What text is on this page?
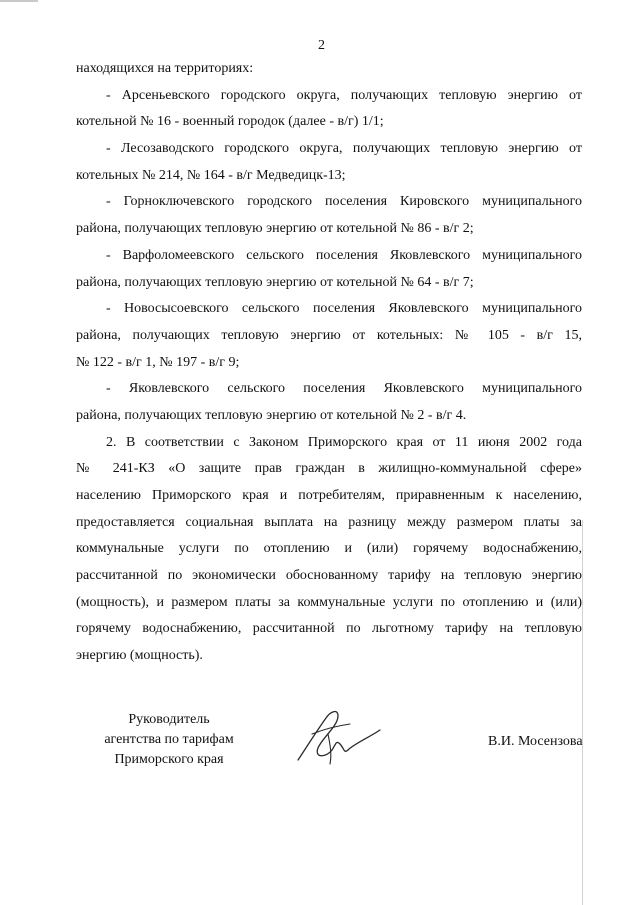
2
находящихся на территориях:
- Арсеньевского городского округа, получающих тепловую энергию от
котельной № 16 - военный городок (далее - в/г) 1/1;
- Лесозаводского городского округа, получающих тепловую энергию от
котельных № 214, № 164 - в/г Медведицк-13;
- Горноключевского городского поселения Кировского муниципального
района, получающих тепловую энергию от котельной № 86 - в/г 2;
- Варфоломеевского сельского поселения Яковлевского муниципального
района, получающих тепловую энергию от котельной № 64 - в/г 7;
- Новосысоевского сельского поселения Яковлевского муниципального
района, получающих тепловую энергию от котельных: № 105 - в/г 15,
№ 122 - в/г 1, № 197 - в/г 9;
- Яковлевского сельского поселения Яковлевского муниципального
района, получающих тепловую энергию от котельной № 2 - в/г 4.
2. В соответствии с Законом Приморского края от 11 июня 2002 года
№ 241-КЗ «О защите прав граждан в жилищно-коммунальной сфере»
населению Приморского края и потребителям, приравненным к населению,
предоставляется социальная выплата на разницу между размером платы за
коммунальные услуги по отоплению и (или) горячему водоснабжению,
рассчитанной по экономически обоснованному тарифу на тепловую энергию
(мощность), и размером платы за коммунальные услуги по отоплению и (или)
горячему водоснабжению, рассчитанной по льготному тарифу на тепловую
энергию (мощность).
Руководитель
агентства по тарифам
Приморского края
В.И. Мосензова
